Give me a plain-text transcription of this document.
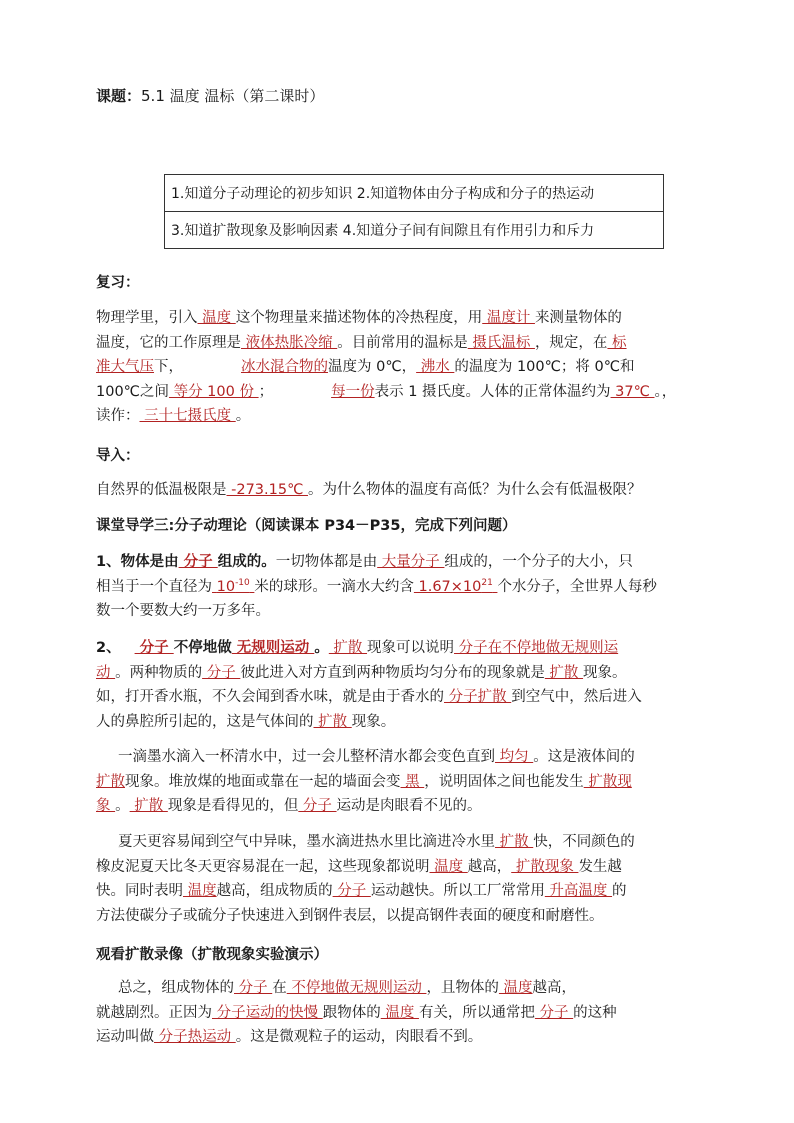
课题：5.1 温度 温标（第二课时）
1.知道分子动理论的初步知识 2.知道物体由分子构成和分子的热运动
3.知道扩散现象及影响因素 4.知道分子间有间隙且有作用引力和斥力
复习：
物理学里，引入 温度 这个物理量来描述物体的冷热程度，用 温度计 来测量物体的
温度，它的工作原理是 液体热胀冷缩 。目前常用的温标是 摄氏温标 ，规定，在 标
准大气压下，	冰水混合物的温度为 0℃， 沸水 的温度为 100℃；将 0℃和
100℃之间 等分 100 份 ；	每一份表示 1 摄氏度。人体的正常体温约为 37℃ 。，
读作： 三十七摄氏度 。
导入：
自然界的低温极限是 -273.15℃ 。为什么物体的温度有高低？为什么会有低温极限？
课堂导学三:分子动理论（阅读课本 P34－P35，完成下列问题）
1、物体是由 分子 组成的。一切物体都是由 大量分子 组成的，一个分子的大小，只
相当于一个直径为 $10^{-10}$ 米的球形。一滴水大约含 $1.67\times 10^{21}$ 个水分子，全世界人每秒
数一个要数大约一万多年。
2、 分子 不停地做 无规则运动 。 扩散 现象可以说明 分子在不停地做无规则运
动 。两种物质的 分子 彼此进入对方直到两种物质均匀分布的现象就是 扩散 现象。
如，打开香水瓶，不久会闻到香水味，就是由于香水的 分子扩散 到空气中，然后进入
人的鼻腔所引起的，这是气体间的 扩散 现象。
一滴墨水滴入一杯清水中，过一会儿整杯清水都会变色直到 均匀 。这是液体间的
扩散现象。堆放煤的地面或靠在一起的墙面会变 黑 ，说明固体之间也能发生 扩散现
象 。 扩散 现象是看得见的，但 分子 运动是肉眼看不见的。
夏天更容易闻到空气中异味，墨水滴进热水里比滴进冷水里 扩散 快，不同颜色的
橡皮泥夏天比冬天更容易混在一起，这些现象都说明 温度 越高， 扩散现象 发生越
快。同时表明 温度越高，组成物质的 分子 运动越快。所以工厂常常用 升高温度 的
方法使碳分子或硫分子快速进入到钢件表层，以提高钢件表面的硬度和耐磨性。
观看扩散录像（扩散现象实验演示）
总之，组成物体的 分子 在 不停地做无规则运动 ，且物体的 温度越高，
就越剧烈。正因为 分子运动的快慢 跟物体的 温度 有关，所以通常把 分子 的这种
运动叫做 分子热运动 。这是微观粒子的运动，肉眼看不到。
